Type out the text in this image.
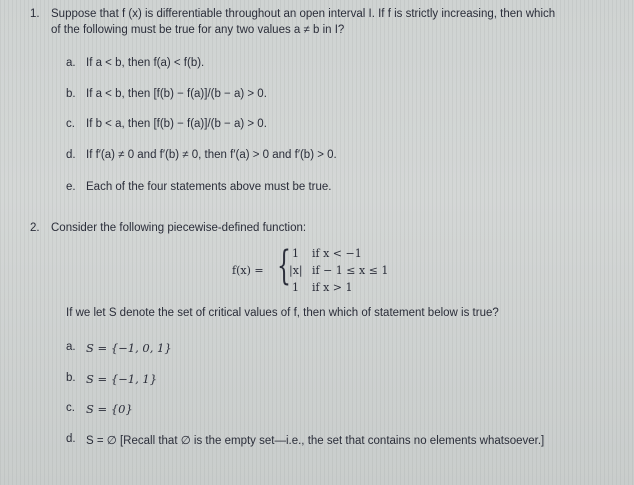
1. Suppose that f (x) is differentiable throughout an open interval I. If f is strictly increasing, then which
of the following must be true for any two values a ≠ b in I?
a. If a < b, then f(a) < f(b).
b. If a < b, then [f(b) − f(a)]/(b − a) > 0.
c. If b < a, then [f(b) − f(a)]/(b − a) > 0.
d. If f′(a) ≠ 0 and f′(b) ≠ 0, then f′(a) > 0 and f′(b) > 0.
e. Each of the four statements above must be true.
2. Consider the following piecewise-defined function:
f(x) = { 1 if x < −1
|x| if − 1 ≤ x ≤ 1
1 if x > 1
If we let S denote the set of critical values of f, then which of statement below is true?
a. S = {−1, 0, 1}
b. S = {−1, 1}
c. S = {0}
d. S = ∅ [Recall that ∅ is the empty set—i.e., the set that contains no elements whatsoever.]
